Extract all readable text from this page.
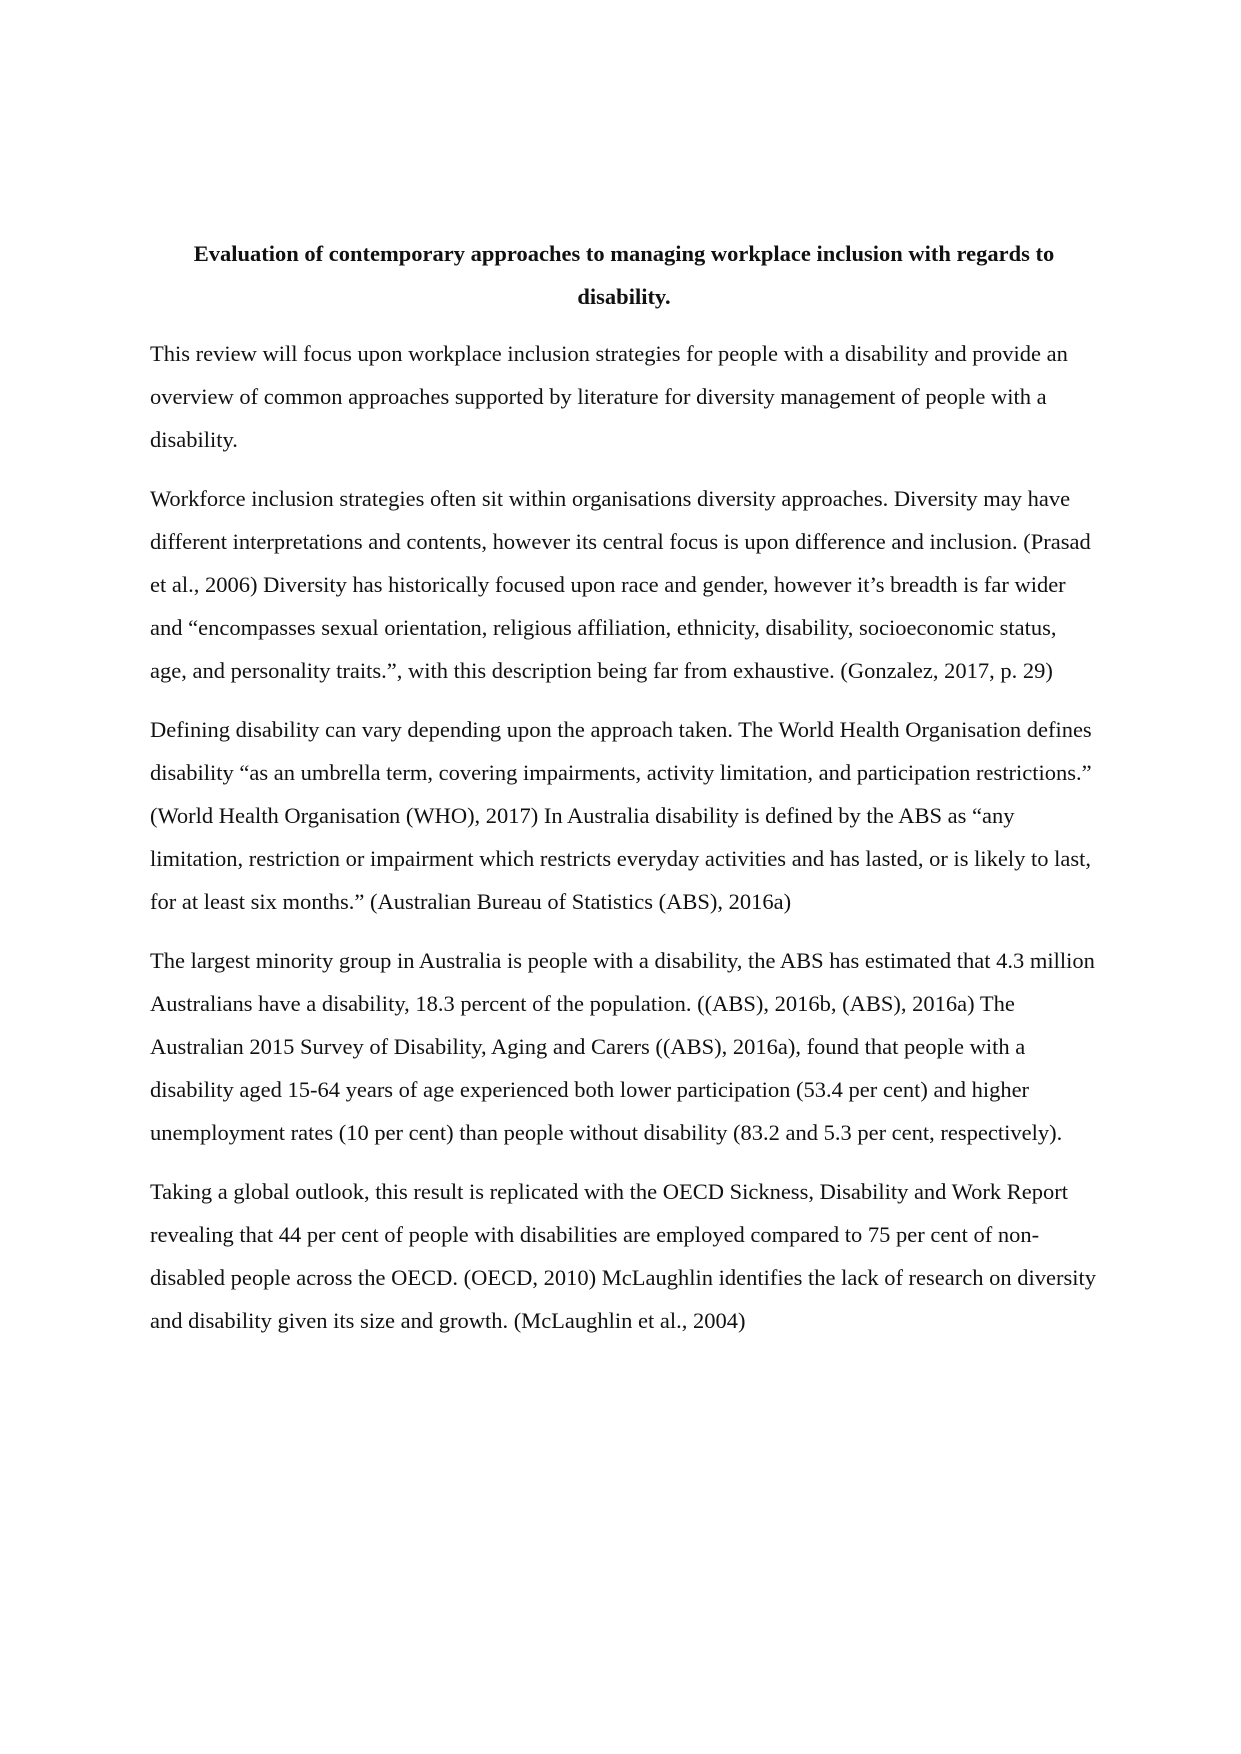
Evaluation of contemporary approaches to managing workplace inclusion with regards to disability.

This review will focus upon workplace inclusion strategies for people with a disability and provide an overview of common approaches supported by literature for diversity management of people with a disability.

Workforce inclusion strategies often sit within organisations diversity approaches. Diversity may have different interpretations and contents, however its central focus is upon difference and inclusion. (Prasad et al., 2006) Diversity has historically focused upon race and gender, however it’s breadth is far wider and “encompasses sexual orientation, religious affiliation, ethnicity, disability, socioeconomic status, age, and personality traits.”, with this description being far from exhaustive. (Gonzalez, 2017, p. 29)

Defining disability can vary depending upon the approach taken. The World Health Organisation defines disability “as an umbrella term, covering impairments, activity limitation, and participation restrictions.” (World Health Organisation (WHO), 2017) In Australia disability is defined by the ABS as “any limitation, restriction or impairment which restricts everyday activities and has lasted, or is likely to last, for at least six months.” (Australian Bureau of Statistics (ABS), 2016a)

The largest minority group in Australia is people with a disability, the ABS has estimated that 4.3 million Australians have a disability, 18.3 percent of the population. ((ABS), 2016b, (ABS), 2016a) The Australian 2015 Survey of Disability, Aging and Carers ((ABS), 2016a), found that people with a disability aged 15-64 years of age experienced both lower participation (53.4 per cent) and higher unemployment rates (10 per cent) than people without disability (83.2 and 5.3 per cent, respectively).

Taking a global outlook, this result is replicated with the OECD Sickness, Disability and Work Report revealing that 44 per cent of people with disabilities are employed compared to 75 per cent of non-disabled people across the OECD. (OECD, 2010) McLaughlin identifies the lack of research on diversity and disability given its size and growth. (McLaughlin et al., 2004)
